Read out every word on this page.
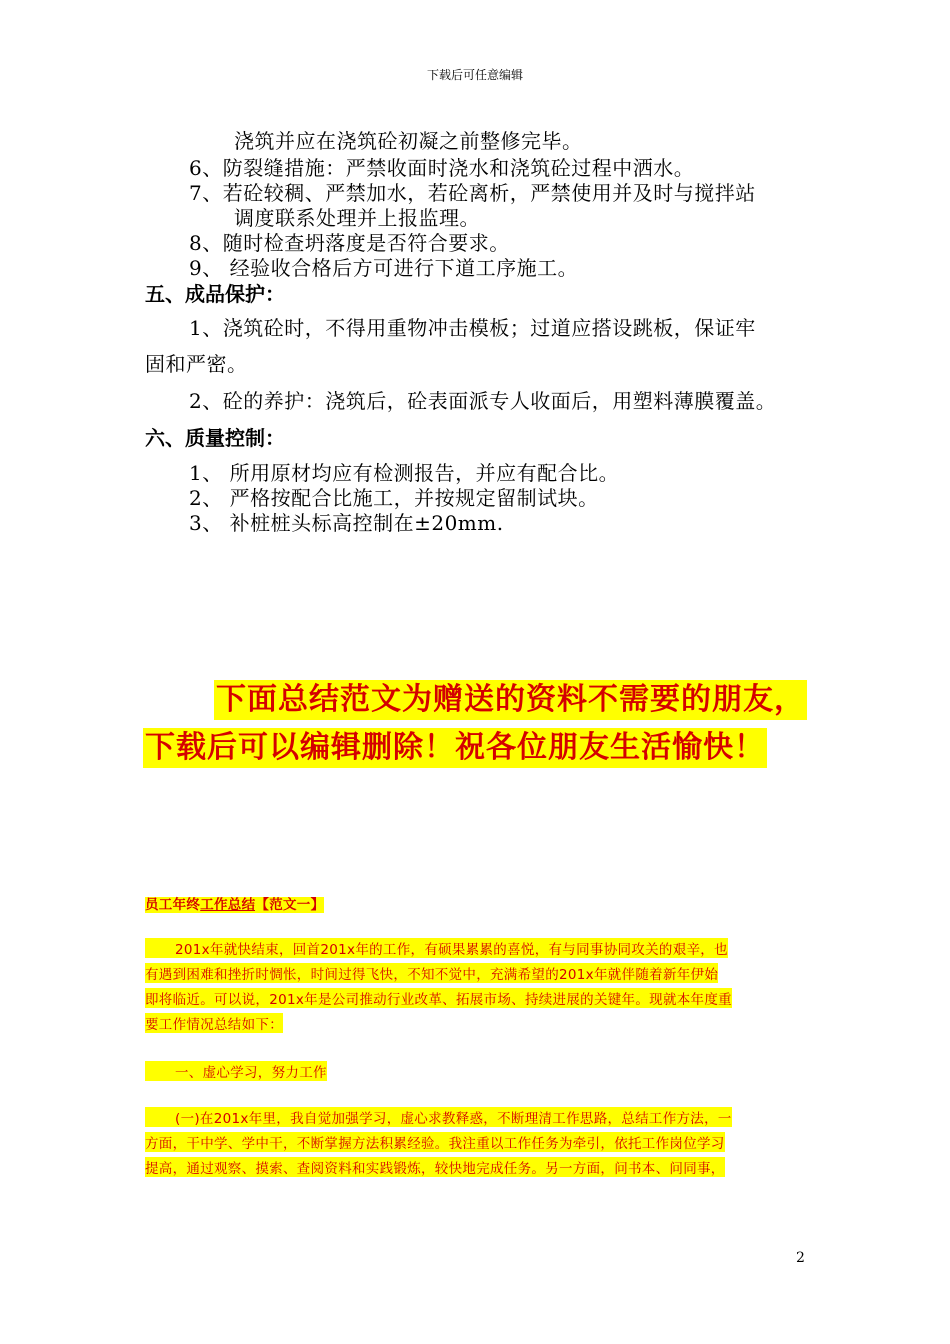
下载后可任意编辑
浇筑并应在浇筑砼初凝之前整修完毕。
6、防裂缝措施：严禁收面时浇水和浇筑砼过程中洒水。
7、若砼较稠、严禁加水，若砼离析，严禁使用并及时与搅拌站
调度联系处理并上报监理。
8、随时检查坍落度是否符合要求。
9、 经验收合格后方可进行下道工序施工。
五、成品保护：
1、浇筑砼时，不得用重物冲击模板；过道应搭设跳板，保证牢
固和严密。
2、砼的养护：浇筑后，砼表面派专人收面后，用塑料薄膜覆盖。
六、质量控制：
1、 所用原材均应有检测报告，并应有配合比。
2、 严格按配合比施工，并按规定留制试块。
3、 补桩桩头标高控制在±20mm.
下面总结范文为赠送的资料不需要的朋友，
下载后可以编辑删除！祝各位朋友生活愉快！
员工年终工作总结【范文一】
201x年就快结束，回首201x年的工作，有硕果累累的喜悦，有与同事协同攻关的艰辛，也
有遇到困难和挫折时惆怅，时间过得飞快，不知不觉中，充满希望的201x年就伴随着新年伊始
即将临近。可以说，201x年是公司推动行业改革、拓展市场、持续进展的关键年。现就本年度重
要工作情况总结如下：
一、虚心学习，努力工作
(一)在201x年里，我自觉加强学习，虚心求教释惑，不断理清工作思路，总结工作方法，一
方面，干中学、学中干，不断掌握方法积累经验。我注重以工作任务为牵引，依托工作岗位学习
提高，通过观察、摸索、查阅资料和实践锻炼，较快地完成任务。另一方面，问书本、问同事，
2
